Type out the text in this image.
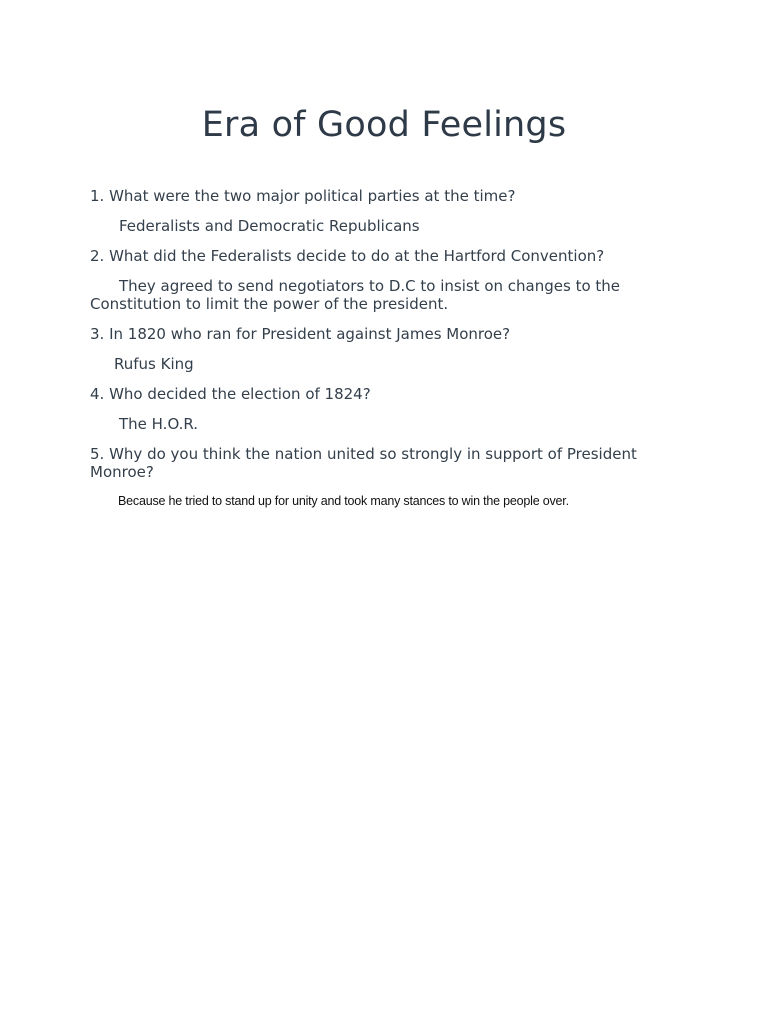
Era of Good Feelings

1. What were the two major political parties at the time?

Federalists and Democratic Republicans

2. What did the Federalists decide to do at the Hartford Convention?

They agreed to send negotiators to D.C to insist on changes to the Constitution to limit the power of the president.

3. In 1820 who ran for President against James Monroe?

Rufus King

4. Who decided the election of 1824?

The H.O.R.

5. Why do you think the nation united so strongly in support of President Monroe?

Because he tried to stand up for unity and took many stances to win the people over.
